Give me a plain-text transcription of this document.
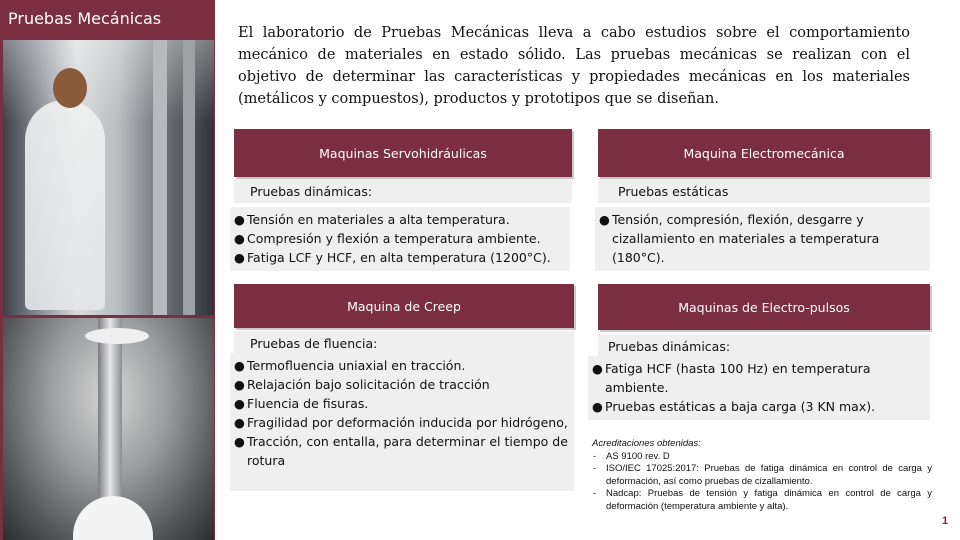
Pruebas Mecánicas

El laboratorio de Pruebas Mecánicas lleva a cabo estudios sobre el comportamiento mecánico de materiales en estado sólido. Las pruebas mecánicas se realizan con el objetivo de determinar las características y propiedades mecánicas en los materiales (metálicos y compuestos), productos y prototipos que se diseñan.

Maquinas Servohidráulicas
Pruebas dinámicas:
● Tensión en materiales a alta temperatura.
● Compresión y flexión a temperatura ambiente.
● Fatiga LCF y HCF, en alta temperatura (1200°C).
Maquina Electromecánica
Pruebas estáticas
● Tensión, compresión, flexión, desgarre y cizallamiento en materiales a temperatura (180°C).
Maquina de Creep
Pruebas de fluencia:
● Termofluencia uniaxial en tracción.
● Relajación bajo solicitación de tracción
● Fluencia de fisuras.
● Fragilidad por deformación inducida por hidrógeno,
● Tracción, con entalla, para determinar el tiempo de rotura
Maquinas de Electro-pulsos
Pruebas dinámicas:
● Fatiga HCF (hasta 100 Hz) en temperatura ambiente.
● Pruebas estáticas a baja carga (3 KN max).
Acreditaciones obtenidas:
- AS 9100 rev. D
- ISO/IEC 17025:2017: Pruebas de fatiga dinámica en control de carga y deformación, así como pruebas de cizallamiento.
- Nadcap: Pruebas de tensión y fatiga dinámica en control de carga y deformación (temperatura ambiente y alta).
1
